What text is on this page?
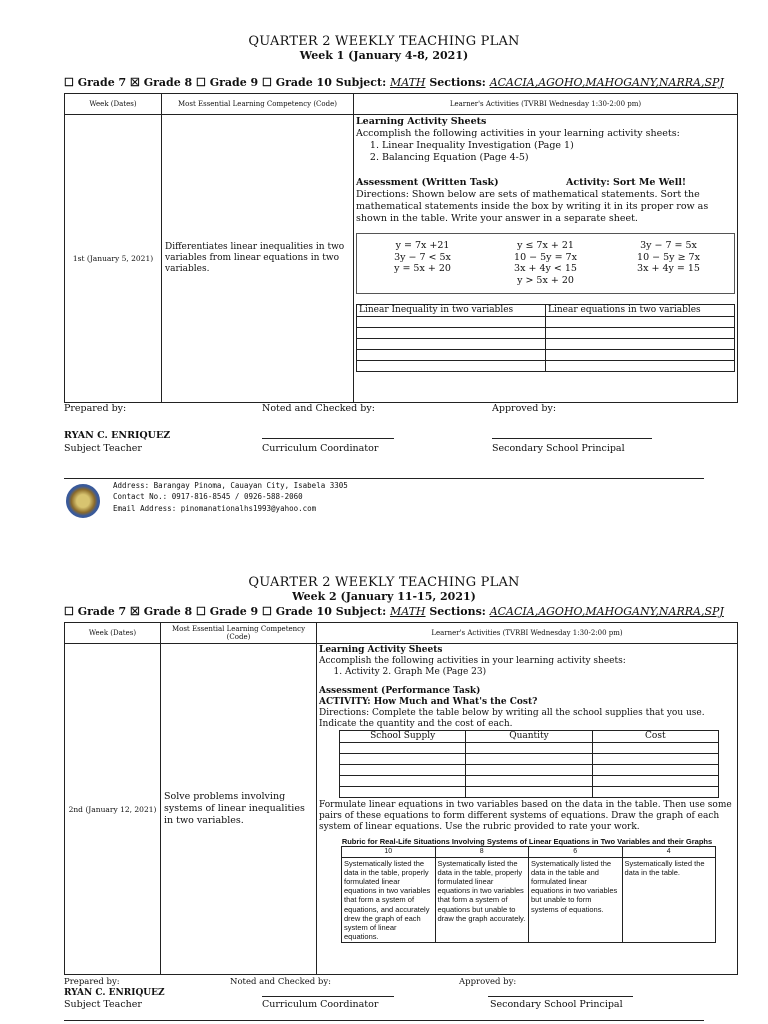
QUARTER 2 WEEKLY TEACHING PLAN
Week 1 (January 4-8, 2021)
☐ Grade 7 ☒ Grade 8 ☐ Grade 9 ☐ Grade 10 Subject: MATH Sections: ACACIA,AGOHO,MAHOGANY,NARRA,SPJ
Week (Dates)	Most Essential Learning Competency (Code)	Learner's Activities (TVRBI Wednesday 1:30-2:00 pm)
1st (January 5, 2021)	Differentiates linear inequalities in two variables from linear equations in two variables.	
Learning Activity Sheets
Accomplish the following activities in your learning activity sheets:
1. Linear Inequality Investigation (Page 1)
2. Balancing Equation (Page 4-5)
Assessment (Written Task)	Activity: Sort Me Well!
Directions: Shown below are sets of mathematical statements. Sort the mathematical statements inside the box by writing it in its proper row as shown in the table. Write your answer in a separate sheet.
y = 7x +21	y ≤ 7x + 21	3y − 7 = 5x
3y − 7 < 5x	10 − 5y = 7x	10 − 5y ≥ 7x
y = 5x + 20	3x + 4y < 15	3x + 4y = 15
y > 5x + 20
Linear Inequality in two variables	Linear equations in two variables

Prepared by:	Noted and Checked by:	Approved by:
RYAN C. ENRIQUEZ
Subject Teacher	Curriculum Coordinator	Secondary School Principal
Address: Barangay Pinoma, Cauayan City, Isabela 3305
Contact No.: 0917-816-8545 / 0926-588-2060
Email Address: pinomanationalhs1993@yahoo.com
QUARTER 2 WEEKLY TEACHING PLAN
Week 2 (January 11-15, 2021)
☐ Grade 7 ☒ Grade 8 ☐ Grade 9 ☐ Grade 10 Subject: MATH Sections: ACACIA,AGOHO,MAHOGANY,NARRA,SPJ
Week (Dates)	Most Essential Learning Competency (Code)	Learner's Activities (TVRBI Wednesday 1:30-2:00 pm)
2nd (January 12, 2021)	Solve problems involving systems of linear inequalities in two variables.	
Learning Activity Sheets
Accomplish the following activities in your learning activity sheets:
1. Activity 2. Graph Me (Page 23)
Assessment (Performance Task)
ACTIVITY: How Much and What's the Cost?
Directions: Complete the table below by writing all the school supplies that you use. Indicate the quantity and the cost of each.
School Supply	Quantity	Cost

Formulate linear equations in two variables based on the data in the table. Then use some pairs of these equations to form different systems of equations. Draw the graph of each system of linear equations. Use the rubric provided to rate your work.
Rubric for Real-Life Situations Involving Systems of Linear Equations in Two Variables and their Graphs
10	8	6	4
Systematically listed the data in the table, properly formulated linear equations in two variables that form a system of equations, and accurately drew the graph of each system of linear equations.	Systematically listed the data in the table, properly formulated linear equations in two variables that form a system of equations but unable to draw the graph accurately.	Systematically listed the data in the table and formulated linear equations in two variables but unable to form systems of equations.	Systematically listed the data in the table.
Prepared by:	Noted and Checked by:	Approved by:
RYAN C. ENRIQUEZ
Subject Teacher	Curriculum Coordinator	Secondary School Principal
